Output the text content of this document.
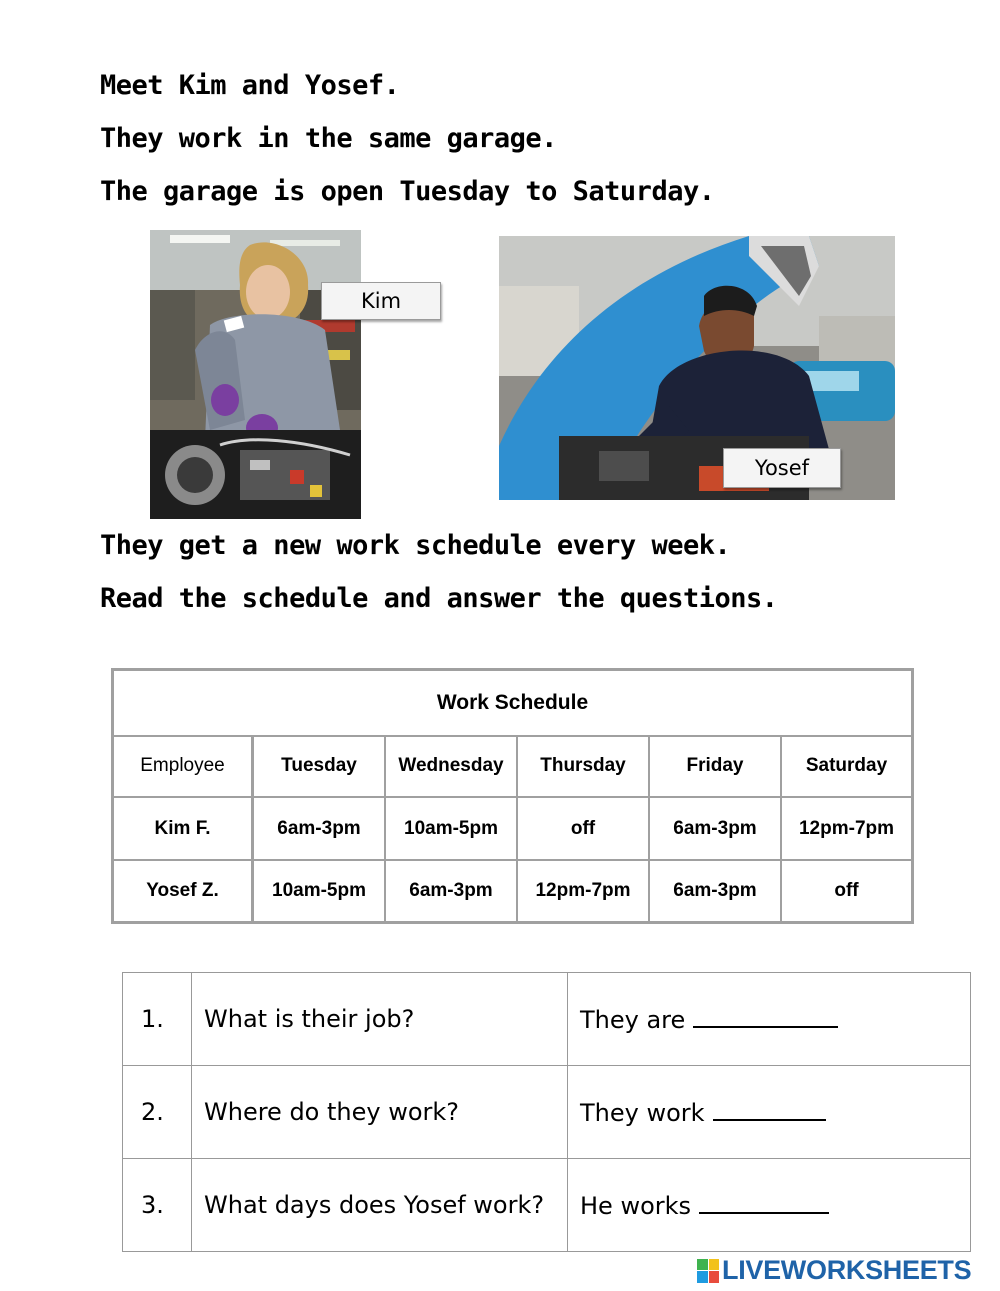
Meet Kim and Yosef.

They work in the same garage.

The garage is open Tuesday to Saturday.

Kim
Yosef

They get a new work schedule every week.

Read the schedule and answer the questions.

Work Schedule
Employee	Tuesday	Wednesday	Thursday	Friday	Saturday
Kim F.	6am-3pm	10am-5pm	off	6am-3pm	12pm-7pm
Yosef Z.	10am-5pm	6am-3pm	12pm-7pm	6am-3pm	off
1.	What is their job?	They are
2.	Where do they work?	They work
3.	What days does Yosef work?	He works
LIVEWORKSHEETS
